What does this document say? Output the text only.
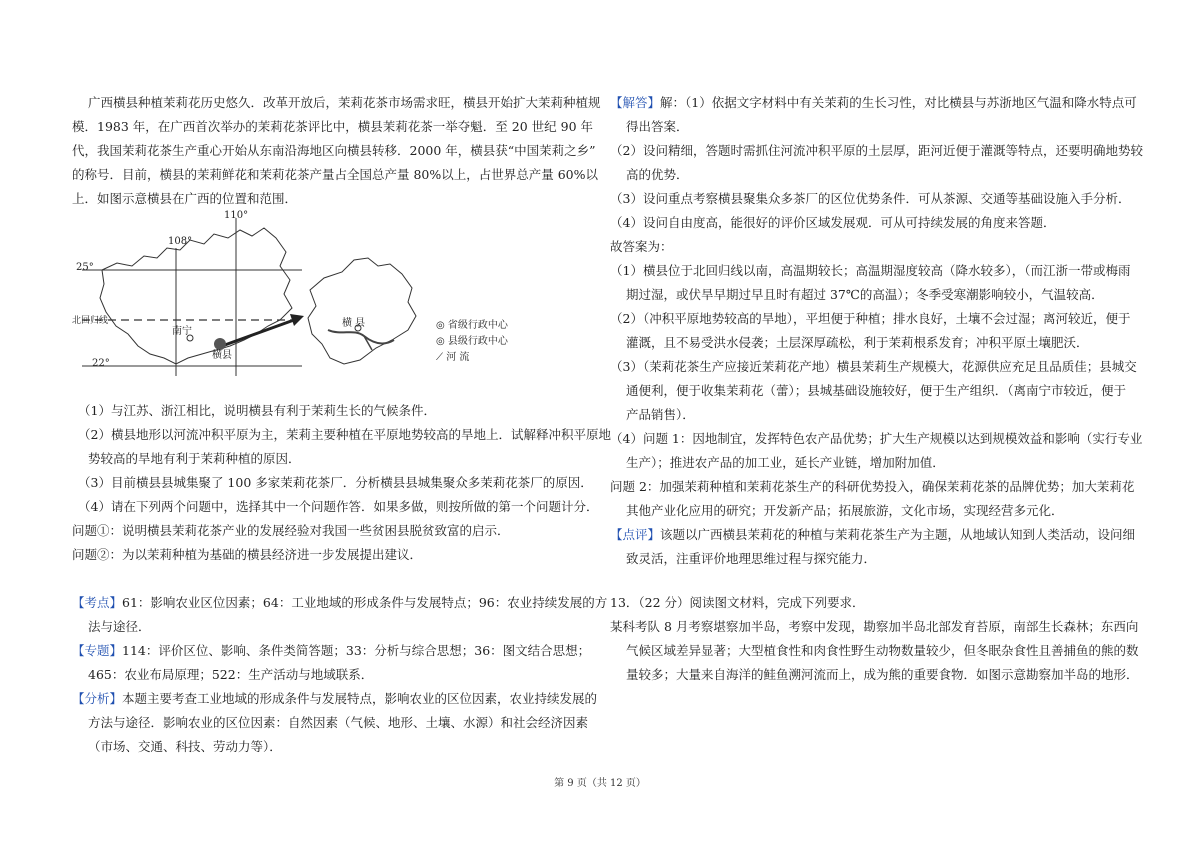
广西横县种植茉莉花历史悠久．改革开放后，茉莉花茶市场需求旺，横县开始扩大茉莉种植规
模．1983 年，在广西首次举办的茉莉花茶评比中，横县茉莉花茶一举夺魁．至 20 世纪 90 年
代，我国茉莉花茶生产重心开始从东南沿海地区向横县转移．2000 年，横县获“中国茉莉之乡”
的称号．目前，横县的茉莉鲜花和茉莉花茶产量占全国总产量 80%以上，占世界总产量 60%以
上．如图示意横县在广西的位置和范围．
108°
110°
25°
22°
北回归线
南宁
横县
横 县	◎ 省级行政中心
◎ 县级行政中心
⟋ 河 流
（1）与江苏、浙江相比，说明横县有利于茉莉生长的气候条件．
（2）横县地形以河流冲积平原为主，茉莉主要种植在平原地势较高的旱地上．试解释冲积平原地
势较高的旱地有利于茉莉种植的原因．
（3）目前横县县城集聚了 100 多家茉莉花茶厂．分析横县县城集聚众多茉莉花茶厂的原因．
（4）请在下列两个问题中，选择其中一个问题作答．如果多做，则按所做的第一个问题计分．
问题①：说明横县茉莉花茶产业的发展经验对我国一些贫困县脱贫致富的启示．
问题②：为以茉莉种植为基础的横县经济进一步发展提出建议．
【考点】61：影响农业区位因素；64：工业地域的形成条件与发展特点；96：农业持续发展的方
法与途径．
【专题】114：评价区位、影响、条件类简答题；33：分析与综合思想；36：图文结合思想；
465：农业布局原理；522：生产活动与地域联系．
【分析】本题主要考查工业地域的形成条件与发展特点，影响农业的区位因素，农业持续发展的
方法与途径．影响农业的区位因素：自然因素（气候、地形、土壤、水源）和社会经济因素
（市场、交通、科技、劳动力等）．
【解答】解：（1）依据文字材料中有关茉莉的生长习性，对比横县与苏浙地区气温和降水特点可
得出答案．
（2）设问精细，答题时需抓住河流冲积平原的土层厚，距河近便于灌溉等特点，还要明确地势较
高的优势．
（3）设问重点考察横县聚集众多茶厂的区位优势条件．可从茶源、交通等基础设施入手分析．
（4）设问自由度高，能很好的评价区域发展观．可从可持续发展的角度来答题．
故答案为：
（1）横县位于北回归线以南，高温期较长；高温期湿度较高（降水较多），（而江浙一带或梅雨
期过湿，或伏旱早期过早且时有超过 37℃的高温）；冬季受寒潮影响较小，气温较高．
（2）（冲积平原地势较高的旱地），平坦便于种植；排水良好，土壤不会过湿；离河较近，便于
灌溉，且不易受洪水侵袭；土层深厚疏松，利于茉莉根系发育；冲积平原土壤肥沃．
（3）（茉莉花茶生产应接近茉莉花产地）横县茉莉生产规模大，花源供应充足且品质佳；县城交
通便利，便于收集茉莉花（蕾）；县城基础设施较好，便于生产组织．（离南宁市较近，便于
产品销售）．
（4）问题 1：因地制宜，发挥特色农产品优势；扩大生产规模以达到规模效益和影响（实行专业
生产）；推进农产品的加工业，延长产业链，增加附加值．
问题 2：加强茉莉种植和茉莉花茶生产的科研优势投入，确保茉莉花茶的品牌优势；加大茉莉花
其他产业化应用的研究；开发新产品；拓展旅游，文化市场，实现经营多元化．
【点评】该题以广西横县茉莉花的种植与茉莉花茶生产为主题，从地域认知到人类活动，设问细
致灵活，注重评价地理思维过程与探究能力．
13．（22 分）阅读图文材料，完成下列要求．
某科考队 8 月考察堪察加半岛，考察中发现，勘察加半岛北部发育苔原，南部生长森林；东西向
气候区域差异显著；大型植食性和肉食性野生动物数量较少，但冬眠杂食性且善捕鱼的熊的数
量较多；大量来自海洋的鲑鱼溯河流而上，成为熊的重要食物．如图示意勘察加半岛的地形．
第 9 页（共 12 页）
